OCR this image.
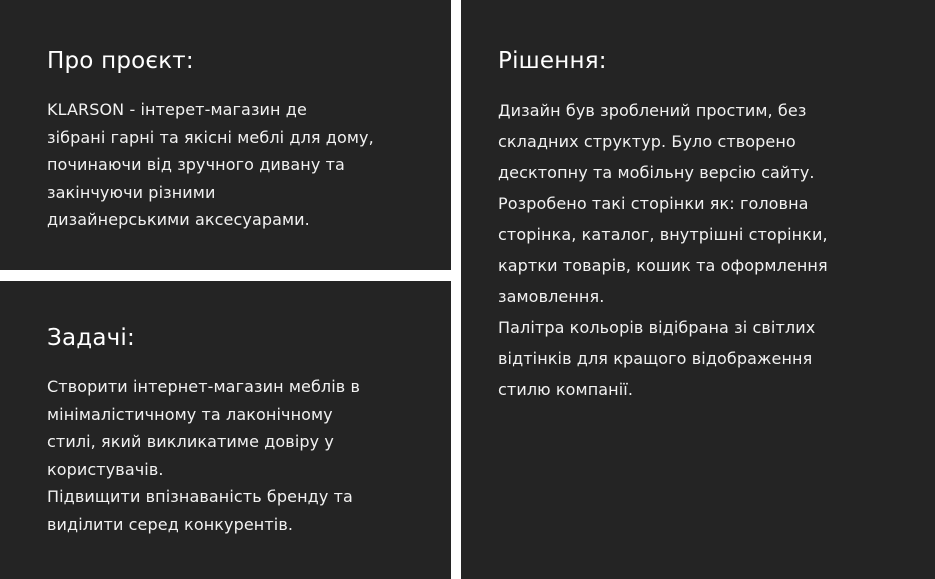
Про проєкт:

KLARSON - інтерет-магазин де
зібрані гарні та якісні меблі для дому,
починаючи від зручного дивану та
закінчуючи різними
дизайнерськими аксесуарами.

Задачі:

Створити інтернет-магазин меблів в
мінімалістичному та лаконічному
стилі, який викликатиме довіру у
користувачів.
Підвищити впізнаваність бренду та
виділити серед конкурентів.

Рішення:

Дизайн був зроблений простим, без
складних структур. Було створено
десктопну та мобільну версію сайту.
Розробено такі сторінки як: головна
сторінка, каталог, внутрішні сторінки,
картки товарів, кошик та оформлення
замовлення.
Палітра кольорів відібрана зі світлих
відтінків для кращого відображення
стилю компанії.
